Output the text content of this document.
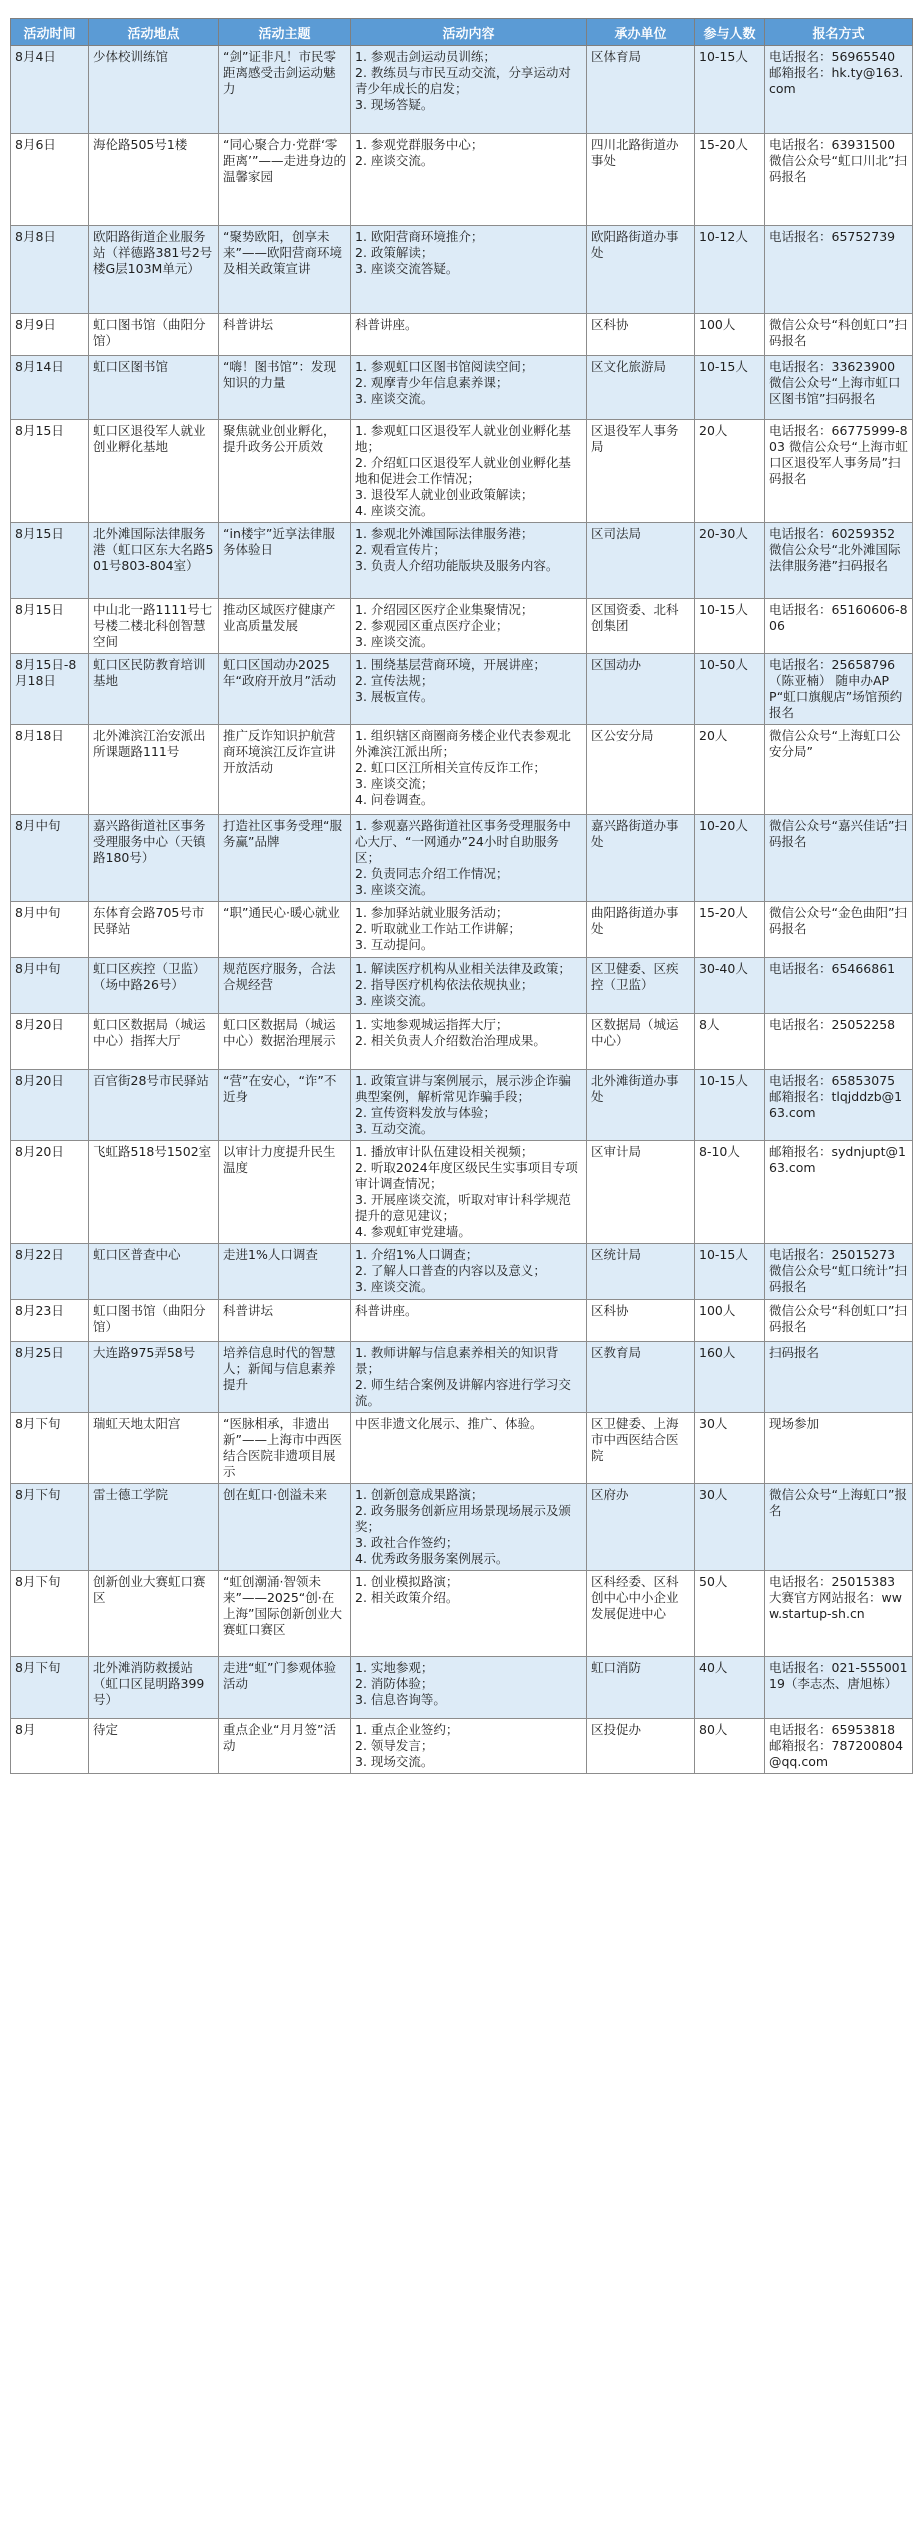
活动时间	活动地点	活动主题	活动内容	承办单位	参与人数	报名方式
8月4日	少体校训练馆	“剑”证非凡！市民零距离感受击剑运动魅力	1. 参观击剑运动员训练；
2. 教练员与市民互动交流，分享运动对青少年成长的启发；
3. 现场答疑。	区体育局	10-15人	电话报名：56965540 邮箱报名：hk.ty@163.com
8月6日	海伦路505号1楼	“同心聚合力·党群‘零距离’”——走进身边的温馨家园	1. 参观党群服务中心；
2. 座谈交流。	四川北路街道办事处	15-20人	电话报名：63931500 微信公众号“虹口川北”扫码报名
8月8日	欧阳路街道企业服务站（祥德路381号2号楼G层103M单元）	“聚势欧阳，创享未来”——欧阳营商环境及相关政策宣讲	1. 欧阳营商环境推介；
2. 政策解读；
3. 座谈交流答疑。	欧阳路街道办事处	10-12人	电话报名：65752739
8月9日	虹口图书馆（曲阳分馆）	科普讲坛	科普讲座。	区科协	100人	微信公众号“科创虹口”扫码报名
8月14日	虹口区图书馆	“嗨！图书馆”：发现知识的力量	1. 参观虹口区图书馆阅读空间；
2. 观摩青少年信息素养课；
3. 座谈交流。	区文化旅游局	10-15人	电话报名：33623900 微信公众号“上海市虹口区图书馆”扫码报名
8月15日	虹口区退役军人就业创业孵化基地	聚焦就业创业孵化，提升政务公开质效	1. 参观虹口区退役军人就业创业孵化基地；
2. 介绍虹口区退役军人就业创业孵化基地和促进会工作情况；
3. 退役军人就业创业政策解读；
4. 座谈交流。	区退役军人事务局	20人	电话报名：66775999-803 微信公众号“上海市虹口区退役军人事务局”扫码报名
8月15日	北外滩国际法律服务港（虹口区东大名路501号803-804室）	“in楼宇”近享法律服务体验日	1. 参观北外滩国际法律服务港；
2. 观看宣传片；
3. 负责人介绍功能版块及服务内容。	区司法局	20-30人	电话报名：60259352 微信公众号“北外滩国际法律服务港”扫码报名
8月15日	中山北一路1111号七号楼二楼北科创智慧空间	推动区域医疗健康产业高质量发展	1. 介绍园区医疗企业集聚情况；
2. 参观园区重点医疗企业；
3. 座谈交流。	区国资委、北科创集团	10-15人	电话报名：65160606-806
8月15日-8月18日	虹口区民防教育培训基地	虹口区国动办2025年“政府开放月”活动	1. 围绕基层营商环境，开展讲座；
2. 宣传法规；
3. 展板宣传。	区国动办	10-50人	电话报名：25658796（陈亚楠） 随申办APP“虹口旗舰店”场馆预约报名
8月18日	北外滩滨江治安派出所课题路111号	推广反诈知识护航营商环境滨江反诈宣讲开放活动	1. 组织辖区商圈商务楼企业代表参观北外滩滨江派出所；
2. 虹口区江所相关宣传反诈工作；
3. 座谈交流；
4. 问卷调查。	区公安分局	20人	微信公众号“上海虹口公安分局”
8月中旬	嘉兴路街道社区事务受理服务中心（天镇路180号）	打造社区事务受理“服务赢”品牌	1. 参观嘉兴路街道社区事务受理服务中心大厅、“一网通办”24小时自助服务区；
2. 负责同志介绍工作情况；
3. 座谈交流。	嘉兴路街道办事处	10-20人	微信公众号“嘉兴佳话”扫码报名
8月中旬	东体育会路705号市民驿站	“职”通民心·暖心就业	1. 参加驿站就业服务活动；
2. 听取就业工作站工作讲解；
3. 互动提问。	曲阳路街道办事处	15-20人	微信公众号“金色曲阳”扫码报名
8月中旬	虹口区疾控（卫监）（场中路26号）	规范医疗服务，合法合规经营	1. 解读医疗机构从业相关法律及政策；
2. 指导医疗机构依法依规执业；
3. 座谈交流。	区卫健委、区疾控（卫监）	30-40人	电话报名：65466861
8月20日	虹口区数据局（城运中心）指挥大厅	虹口区数据局（城运中心）数据治理展示	1. 实地参观城运指挥大厅；
2. 相关负责人介绍数治治理成果。	区数据局（城运中心）	8人	电话报名：25052258
8月20日	百官街28号市民驿站	“营”在安心，“诈”不近身	1. 政策宣讲与案例展示，展示涉企诈骗典型案例，解析常见诈骗手段；
2. 宣传资料发放与体验；
3. 互动交流。	北外滩街道办事处	10-15人	电话报名：65853075 邮箱报名：tlqjddzb@163.com
8月20日	飞虹路518号1502室	以审计力度提升民生温度	1. 播放审计队伍建设相关视频；
2. 听取2024年度区级民生实事项目专项审计调查情况；
3. 开展座谈交流，听取对审计科学规范提升的意见建议；
4. 参观虹审党建墙。	区审计局	8-10人	邮箱报名：sydnjupt@163.com
8月22日	虹口区普查中心	走进1%人口调查	1. 介绍1%人口调查；
2. 了解人口普查的内容以及意义；
3. 座谈交流。	区统计局	10-15人	电话报名：25015273 微信公众号“虹口统计”扫码报名
8月23日	虹口图书馆（曲阳分馆）	科普讲坛	科普讲座。	区科协	100人	微信公众号“科创虹口”扫码报名
8月25日	大连路975弄58号	培养信息时代的智慧人；新闻与信息素养提升	1. 教师讲解与信息素养相关的知识背景；
2. 师生结合案例及讲解内容进行学习交流。	区教育局	160人	扫码报名
8月下旬	瑞虹天地太阳宫	“医脉相承，非遗出新”——上海市中西医结合医院非遗项目展示	中医非遗文化展示、推广、体验。	区卫健委、上海市中西医结合医院	30人	现场参加
8月下旬	雷士德工学院	创在虹口·创溢未来	1. 创新创意成果路演；
2. 政务服务创新应用场景现场展示及颁奖；
3. 政社合作签约；
4. 优秀政务服务案例展示。	区府办	30人	微信公众号“上海虹口”报名
8月下旬	创新创业大赛虹口赛区	“虹创潮涌·智领未来”——2025“创·在上海”国际创新创业大赛虹口赛区	1. 创业模拟路演；
2. 相关政策介绍。	区科经委、区科创中心中小企业发展促进中心	50人	电话报名：25015383 大赛官方网站报名：www.startup-sh.cn
8月下旬	北外滩消防救援站（虹口区昆明路399号）	走进“虹”门参观体验活动	1. 实地参观；
2. 消防体验；
3. 信息咨询等。	虹口消防	40人	电话报名：021-55500119（李志杰、唐旭栋）
8月	待定	重点企业“月月签”活动	1. 重点企业签约；
2. 领导发言；
3. 现场交流。	区投促办	80人	电话报名：65953818 邮箱报名：787200804@qq.com
